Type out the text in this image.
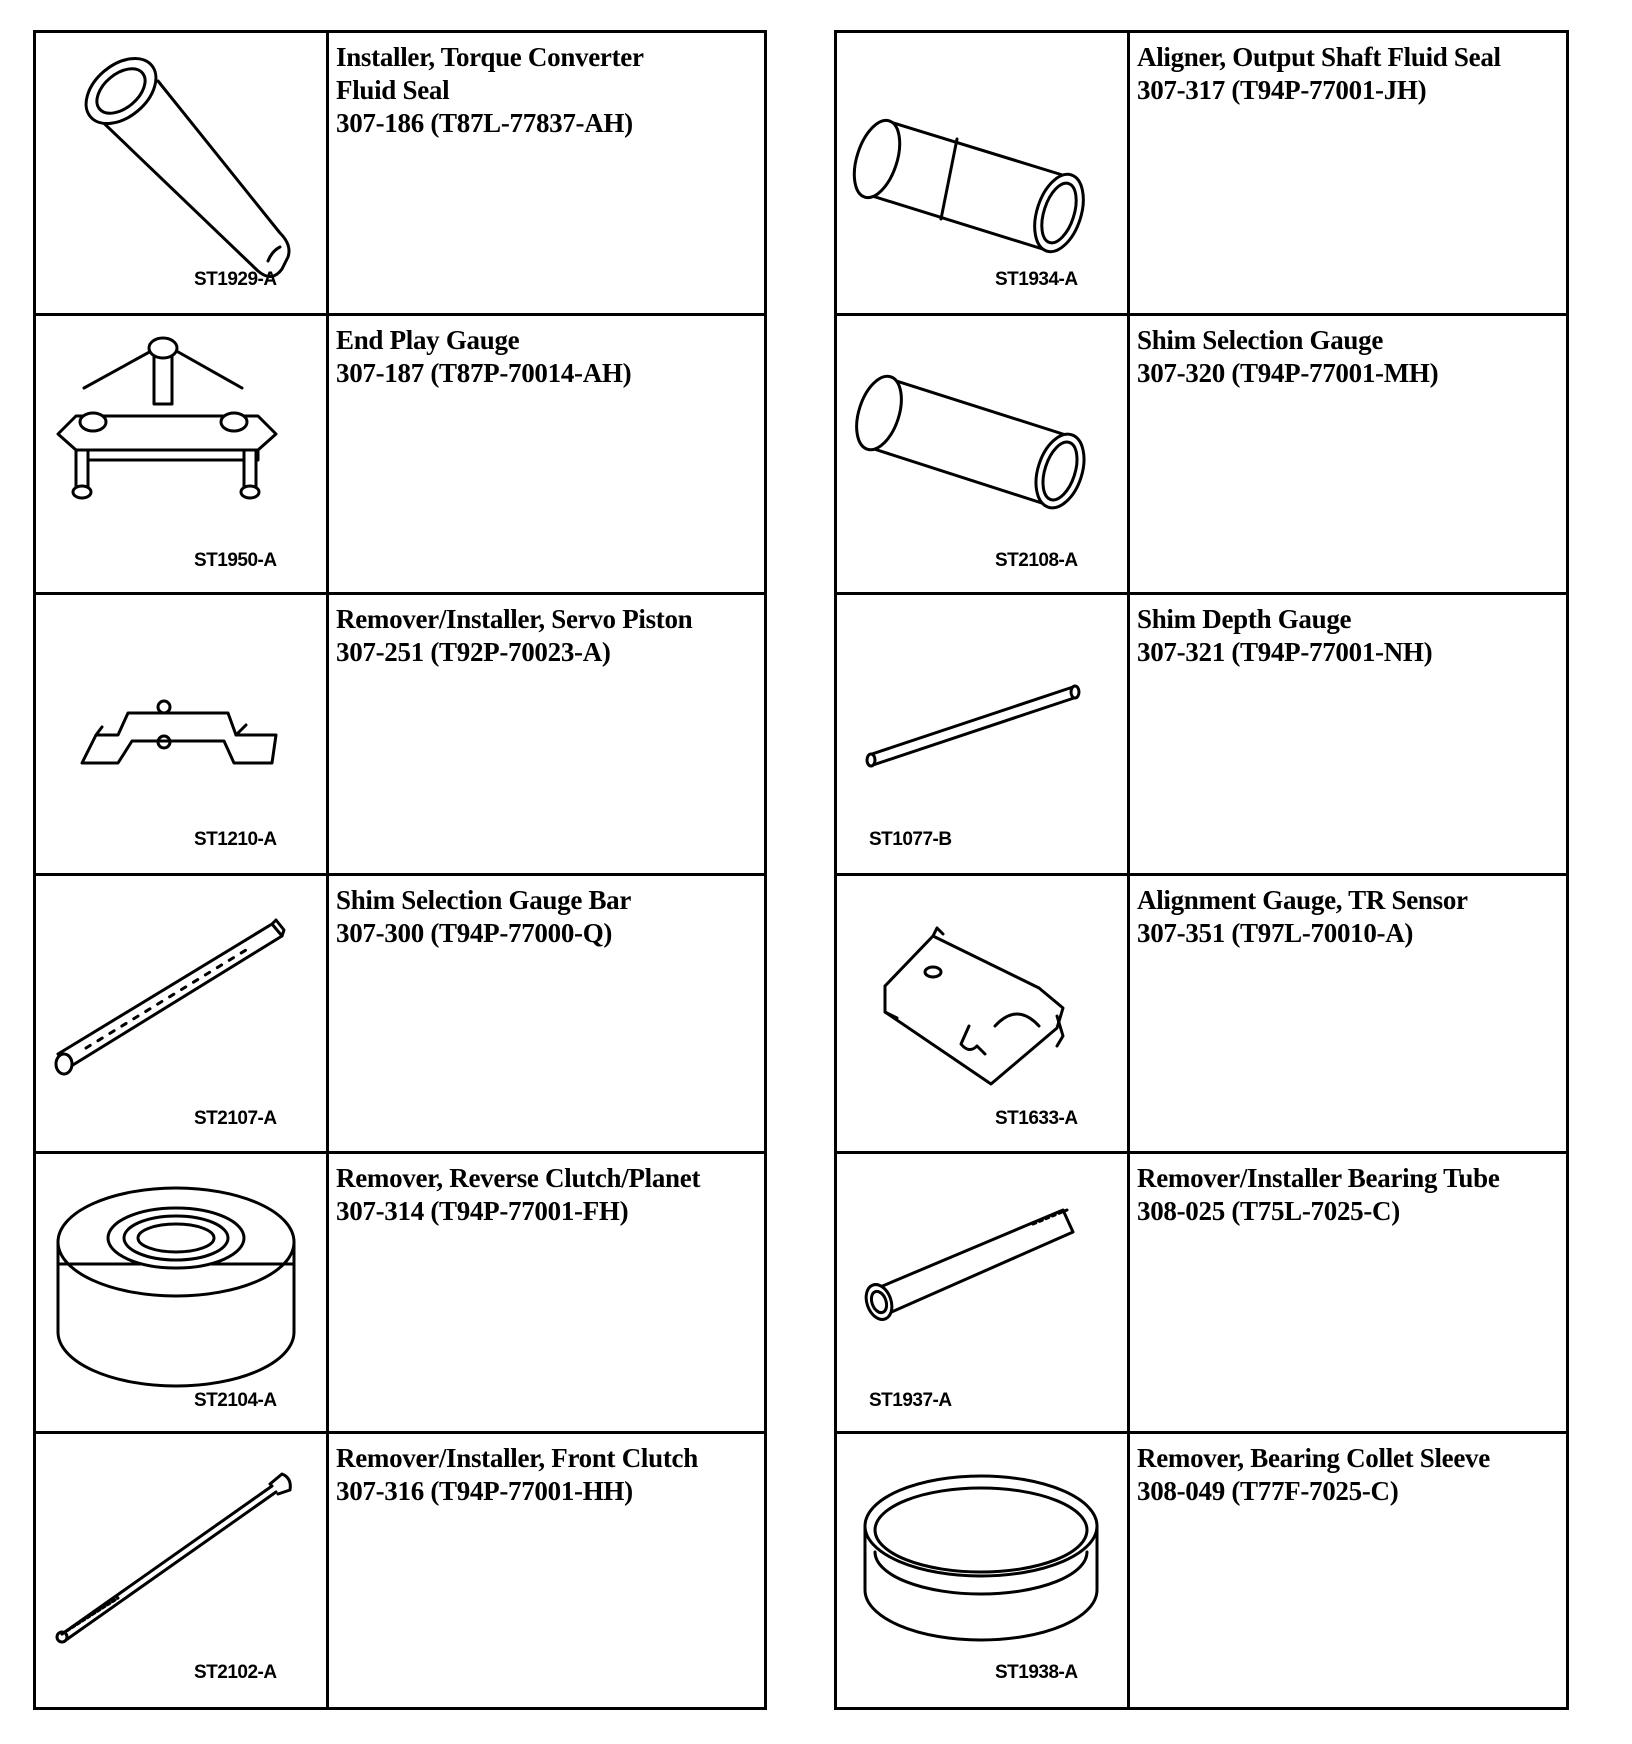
ST1929-A
Installer, Torque Converter
Fluid Seal
307-186 (T87L-77837-AH)
ST1950-A
End Play Gauge
307-187 (T87P-70014-AH)
ST1210-A
Remover/Installer, Servo Piston
307-251 (T92P-70023-A)
ST2107-A
Shim Selection Gauge Bar
307-300 (T94P-77000-Q)
ST2104-A
Remover, Reverse Clutch/Planet
307-314 (T94P-77001-FH)
ST2102-A
Remover/Installer, Front Clutch
307-316 (T94P-77001-HH)
ST1934-A
Aligner, Output Shaft Fluid Seal
307-317 (T94P-77001-JH)
ST2108-A
Shim Selection Gauge
307-320 (T94P-77001-MH)
ST1077-B
Shim Depth Gauge
307-321 (T94P-77001-NH)
ST1633-A
Alignment Gauge, TR Sensor
307-351 (T97L-70010-A)
ST1937-A
Remover/Installer Bearing Tube
308-025 (T75L-7025-C)
ST1938-A
Remover, Bearing Collet Sleeve
308-049 (T77F-7025-C)
